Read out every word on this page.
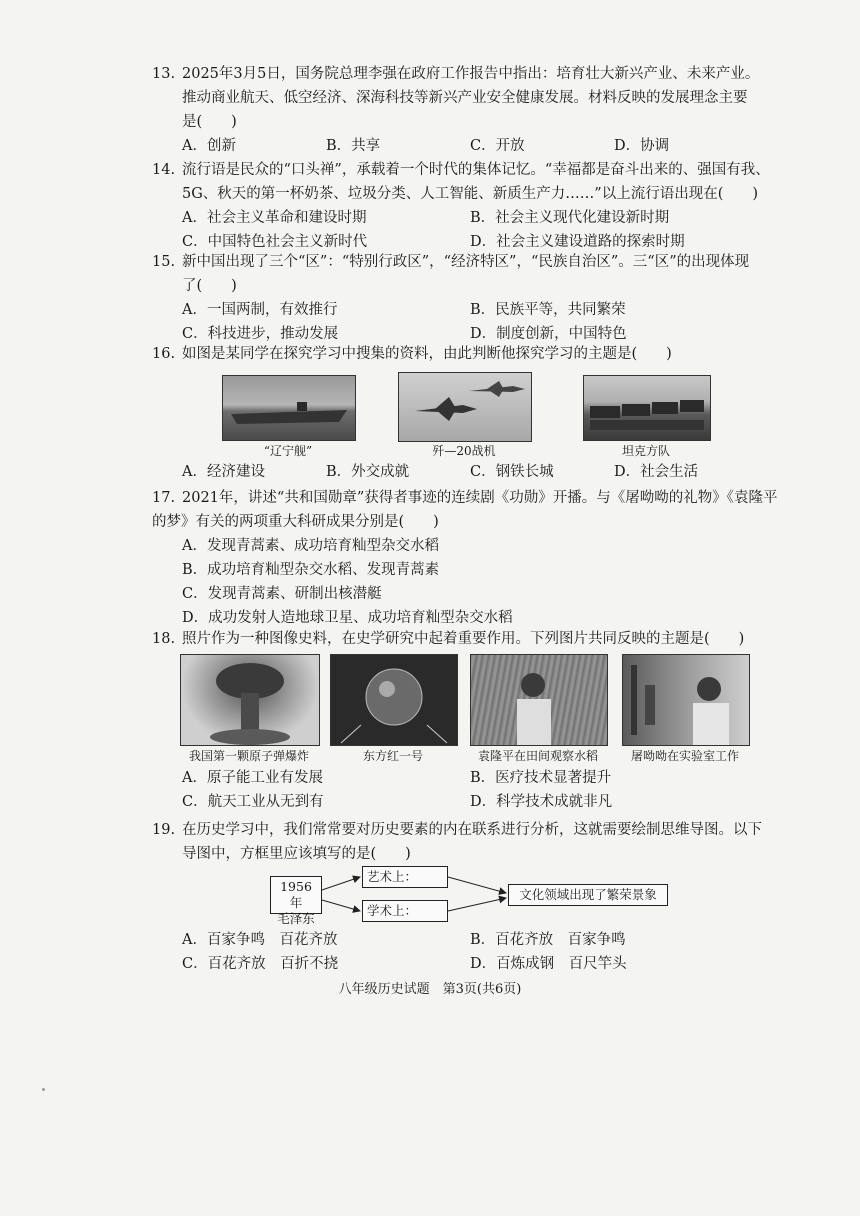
13. 2025年3月5日，国务院总理李强在政府工作报告中指出：培育壮大新兴产业、未来产业。
推动商业航天、低空经济、深海科技等新兴产业安全健康发展。材料反映的发展理念主要
是(　　)
A．创新	B．共享	C．开放	D．协调
14. 流行语是民众的“口头禅”，承载着一个时代的集体记忆。“幸福都是奋斗出来的、强国有我、
5G、秋天的第一杯奶茶、垃圾分类、人工智能、新质生产力……”以上流行语出现在(　　)
A．社会主义革命和建设时期	B．社会主义现代化建设新时期
C．中国特色社会主义新时代	D．社会主义建设道路的探索时期
15. 新中国出现了三个“区”：“特别行政区”，“经济特区”，“民族自治区”。三“区”的出现体现
了(　　)
A．一国两制，有效推行	B．民族平等，共同繁荣
C．科技进步，推动发展	D．制度创新，中国特色
16. 如图是某同学在探究学习中搜集的资料，由此判断他探究学习的主题是(　　)
“辽宁舰”	歼—20战机	坦克方队
A．经济建设	B．外交成就	C．钢铁长城	D．社会生活
17. 2021年，讲述“共和国勋章”获得者事迹的连续剧《功勋》开播。与《屠呦呦的礼物》《袁隆平
的梦》有关的两项重大科研成果分别是(　　)
A．发现青蒿素、成功培育籼型杂交水稻
B．成功培育籼型杂交水稻、发现青蒿素
C．发现青蒿素、研制出核潜艇
D．成功发射人造地球卫星、成功培育籼型杂交水稻
18. 照片作为一种图像史料，在史学研究中起着重要作用。下列图片共同反映的主题是(　　)
我国第一颗原子弹爆炸	东方红一号	袁隆平在田间观察水稻	屠呦呦在实验室工作
A．原子能工业有发展	B．医疗技术显著提升
C．航天工业从无到有	D．科学技术成就非凡
19. 在历史学习中，我们常常要对历史要素的内在联系进行分析，这就需要绘制思维导图。以下
导图中，方框里应该填写的是(　　)
1956年
毛泽东
艺术上：
学术上：
文化领域出现了繁荣景象
A．百家争鸣　百花齐放	B．百花齐放　百家争鸣
C．百花齐放　百折不挠	D．百炼成钢　百尺竿头
八年级历史试题　第3页(共6页)
